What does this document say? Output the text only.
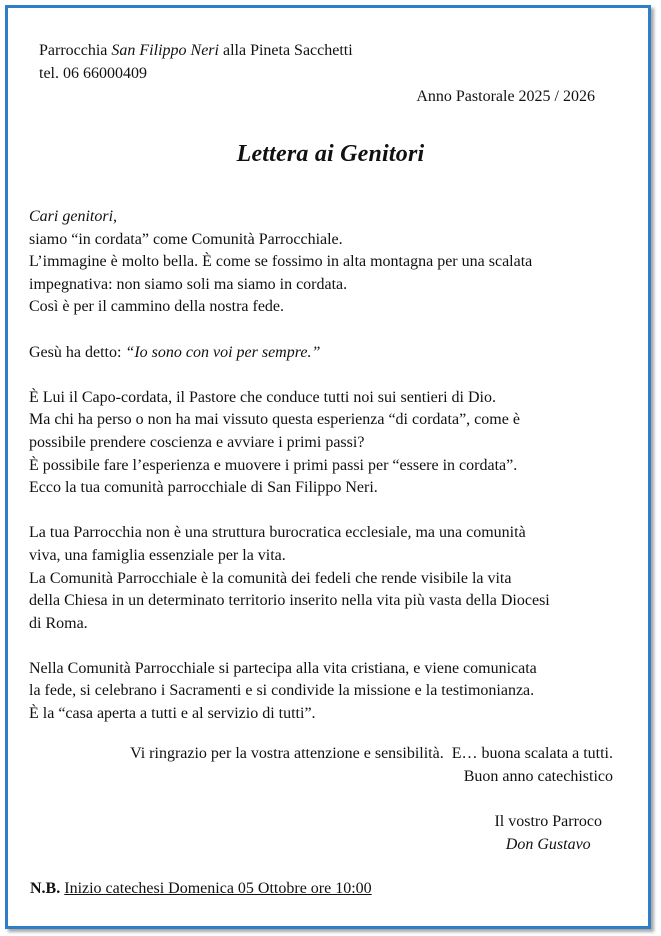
Parrocchia San Filippo Neri alla Pineta Sacchetti
tel. 06 66000409
Anno Pastorale 2025 / 2026
Lettera ai Genitori
Cari genitori,
siamo “in cordata” come Comunità Parrocchiale.
L’immagine è molto bella. È come se fossimo in alta montagna per una scalata
impegnativa: non siamo soli ma siamo in cordata.
Così è per il cammino della nostra fede.
Gesù ha detto: “Io sono con voi per sempre.”
È Lui il Capo-cordata, il Pastore che conduce tutti noi sui sentieri di Dio.
Ma chi ha perso o non ha mai vissuto questa esperienza “di cordata”, come è
possibile prendere coscienza e avviare i primi passi?
È possibile fare l’esperienza e muovere i primi passi per “essere in cordata”.
Ecco la tua comunità parrocchiale di San Filippo Neri.
La tua Parrocchia non è una struttura burocratica ecclesiale, ma una comunità
viva, una famiglia essenziale per la vita.
La Comunità Parrocchiale è la comunità dei fedeli che rende visibile la vita
della Chiesa in un determinato territorio inserito nella vita più vasta della Diocesi
di Roma.
Nella Comunità Parrocchiale si partecipa alla vita cristiana, e viene comunicata
la fede, si celebrano i Sacramenti e si condivide la missione e la testimonianza.
È la “casa aperta a tutti e al servizio di tutti”.
Vi ringrazio per la vostra attenzione e sensibilità.  E… buona scalata a tutti.
Buon anno catechistico
Il vostro Parroco
Don Gustavo
N.B. Inizio catechesi Domenica 05 Ottobre ore 10:00
